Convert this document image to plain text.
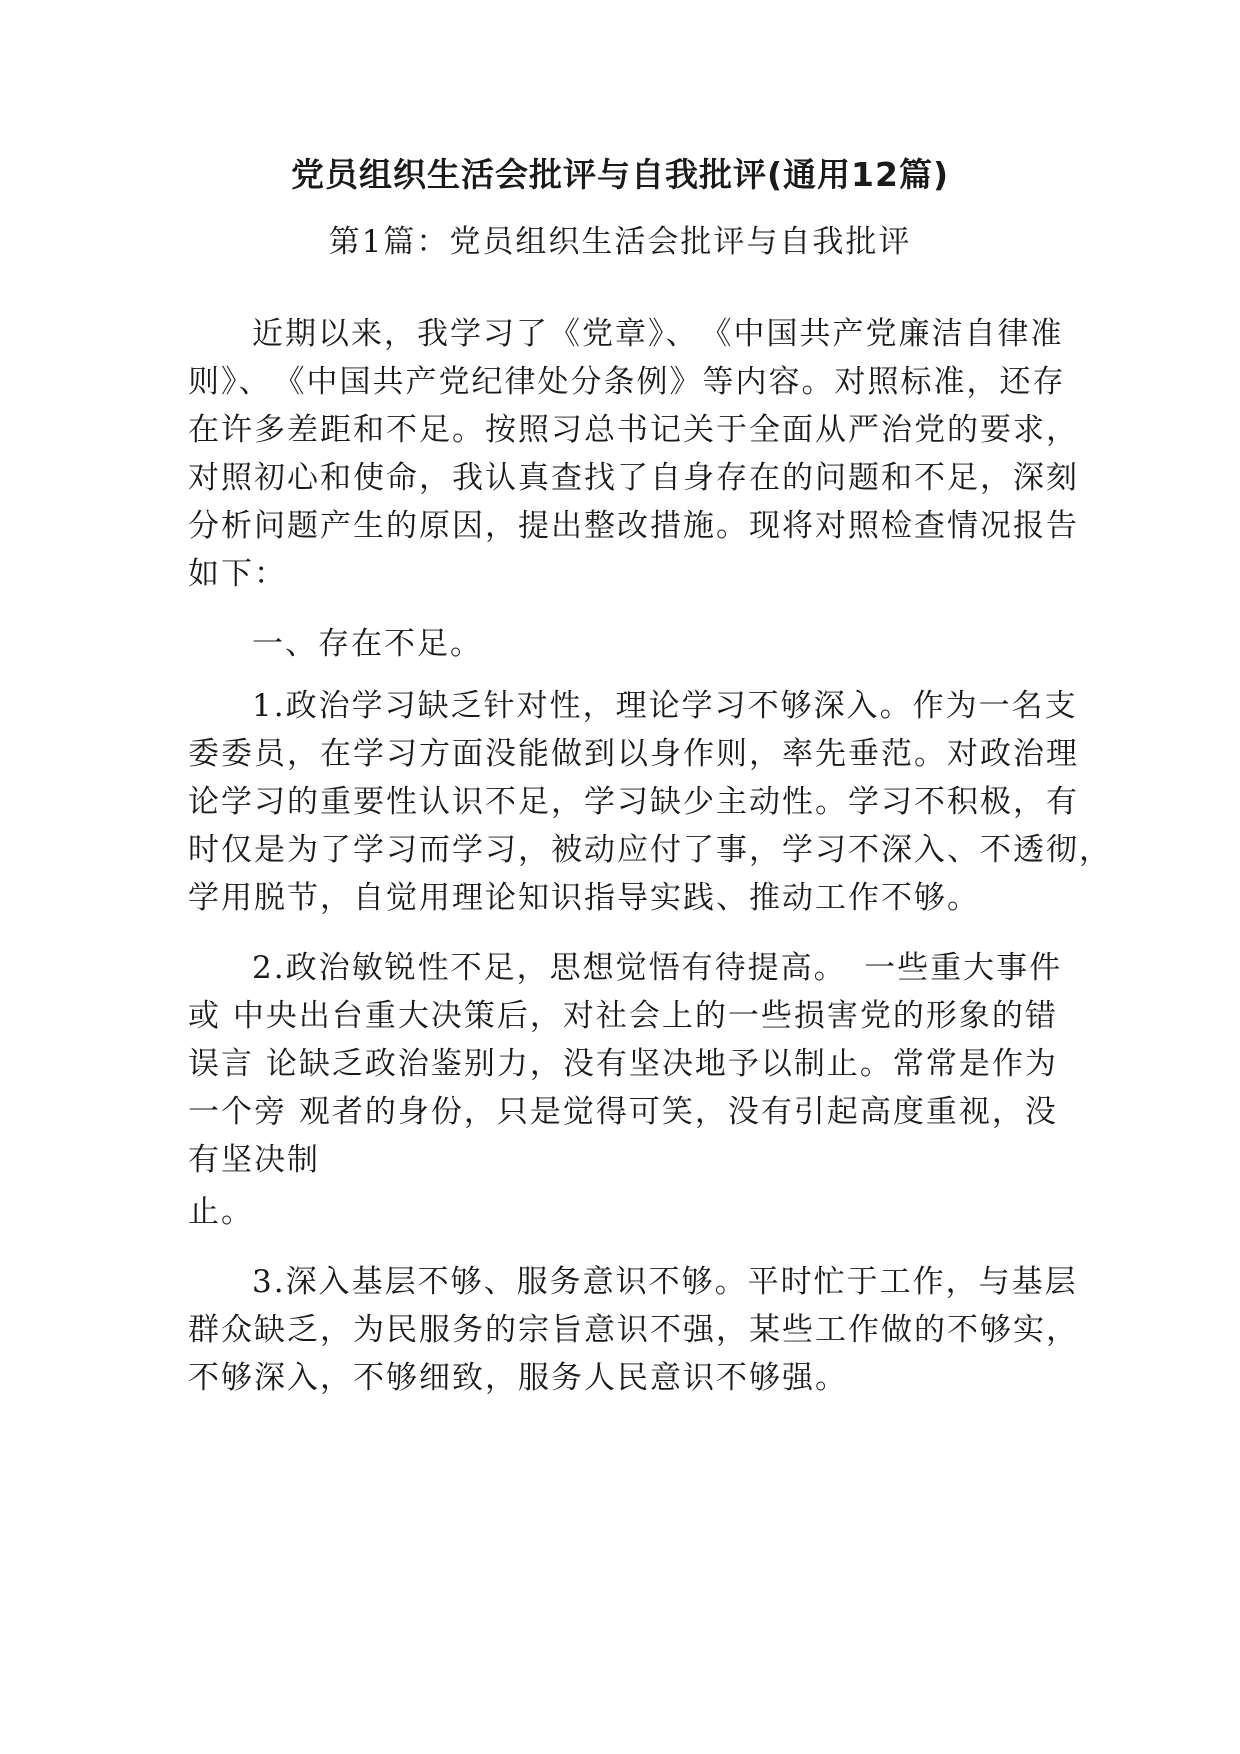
党员组织生活会批评与自我批评(通用12篇)
第1篇：党员组织生活会批评与自我批评
近期以来，我学习了《党章》、　《中国共产党廉洁自律准
则》、　《中国共产党纪律处分条例》等内容。对照标准，还存
在许多差距和不足。按照习总书记关于全面从严治党的要求，
对照初心和使命，我认真查找了自身存在的问题和不足，深刻
分析问题产生的原因，提出整改措施。现将对照检查情况报告
如下：
一、存在不足。
1.政治学习缺乏针对性，理论学习不够深入。作为一名支
委委员，在学习方面没能做到以身作则，率先垂范。对政治理
论学习的重要性认识不足，学习缺少主动性。学习不积极，有
时仅是为了学习而学习，被动应付了事，学习不深入、不透彻，
学用脱节，自觉用理论知识指导实践、推动工作不够。
2.政治敏锐性不足，思想觉悟有待提高。　一些重大事件
或 中央出台重大决策后，对社会上的一些损害党的形象的错
误言 论缺乏政治鉴别力，没有坚决地予以制止。常常是作为
一个旁 观者的身份，只是觉得可笑，没有引起高度重视，没
有坚决制
止。
3.深入基层不够、服务意识不够。平时忙于工作，与基层
群众缺乏，为民服务的宗旨意识不强，某些工作做的不够实，
不够深入，不够细致，服务人民意识不够强。
